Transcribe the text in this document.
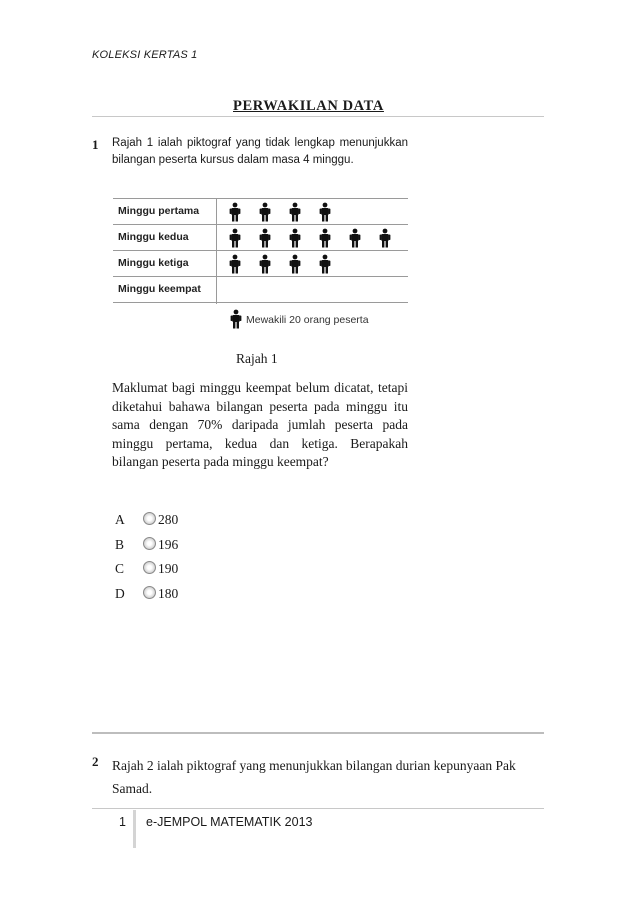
KOLEKSI KERTAS 1
PERWAKILAN DATA
1 Rajah 1 ialah piktograf yang tidak lengkap menunjukkan bilangan peserta kursus dalam masa 4 minggu.
Minggu pertama
Minggu kedua
Minggu ketiga
Minggu keempat
Mewakili 20 orang peserta
Rajah 1
Maklumat bagi minggu keempat belum dicatat, tetapi diketahui bahawa bilangan peserta pada minggu itu sama dengan 70% daripada jumlah peserta pada minggu pertama, kedua dan ketiga. Berapakah bilangan peserta pada minggu keempat?
A 280
B	196
C	190
D 180
2 Rajah 2 ialah piktograf yang menunjukkan bilangan durian kepunyaan Pak Samad.
1 e-JEMPOL MATEMATIK 2013
